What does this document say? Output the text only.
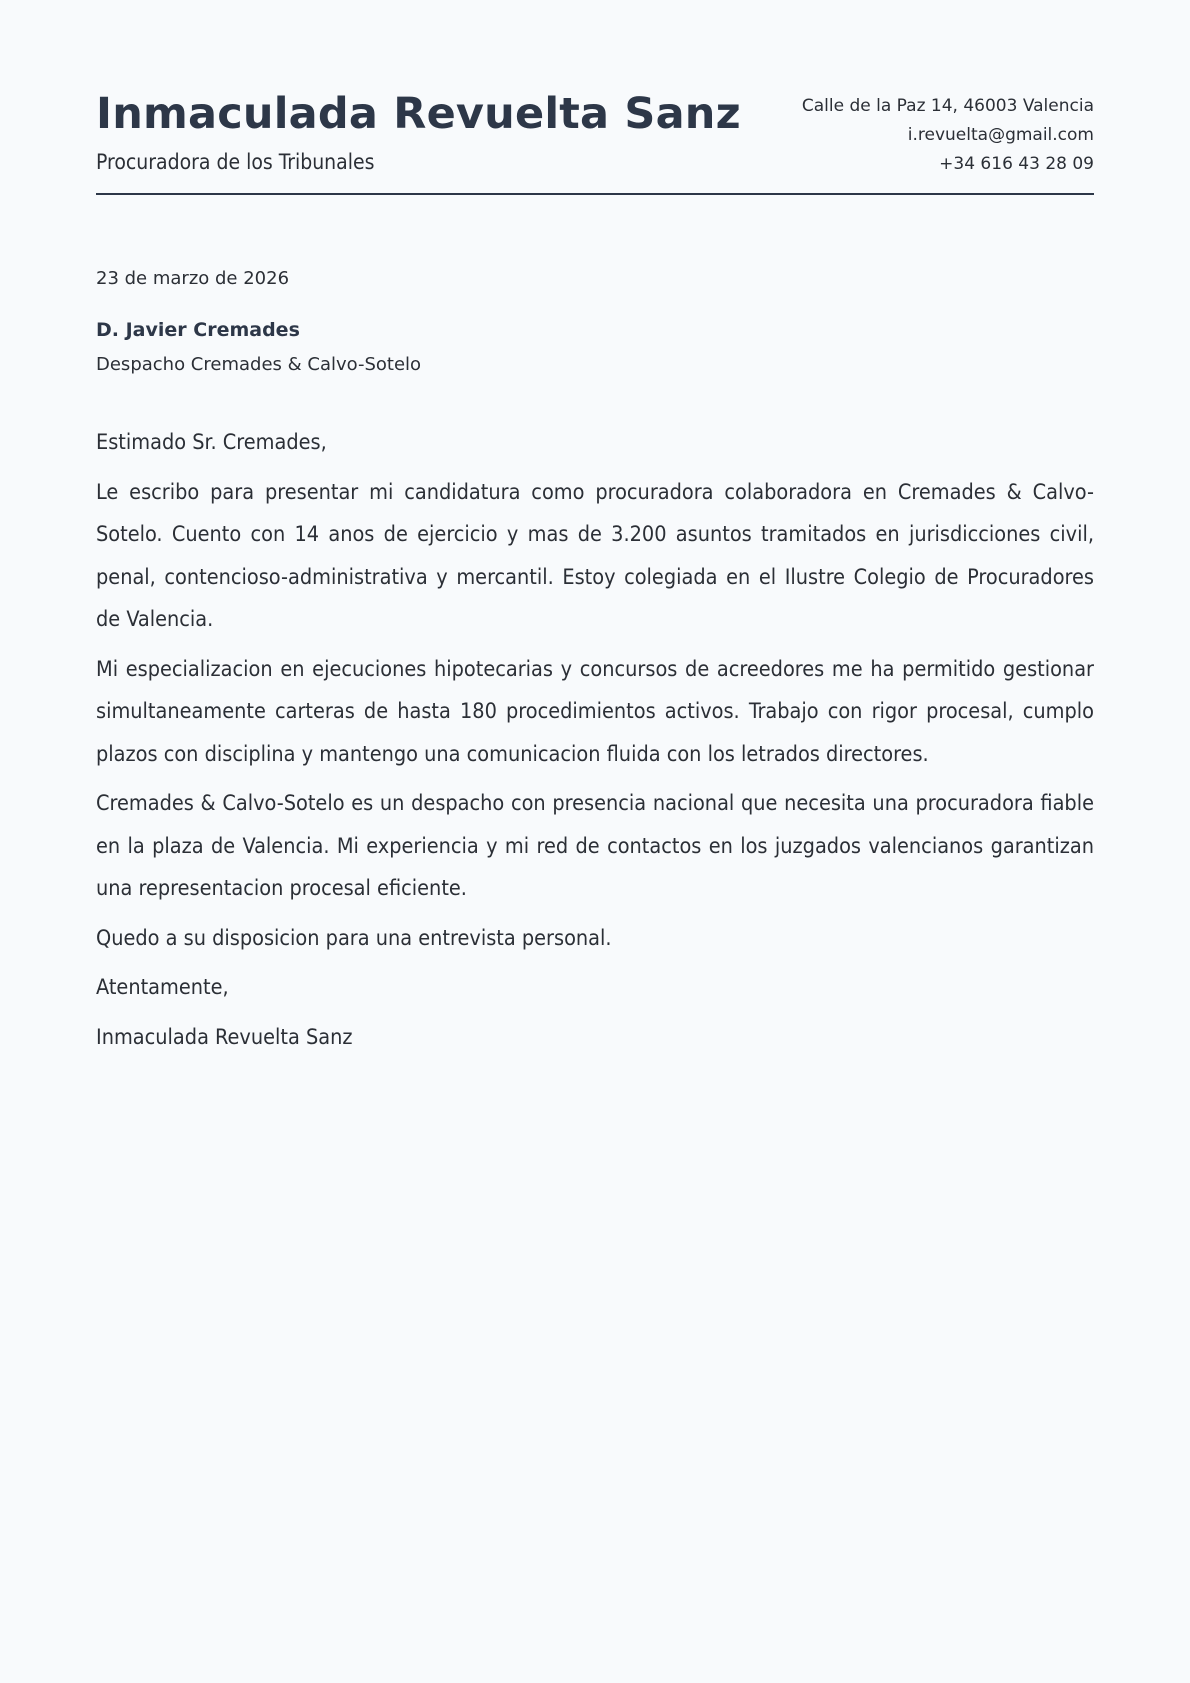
Inmaculada Revuelta Sanz
Procuradora de los Tribunales
Calle de la Paz 14, 46003 Valencia
i.revuelta@gmail.com
+34 616 43 28 09
23 de marzo de 2026
D. Javier Cremades
Despacho Cremades & Calvo-Sotelo

Estimado Sr. Cremades,

Le escribo para presentar mi candidatura como procuradora colaboradora en Cremades & Calvo-Sotelo. Cuento con 14 anos de ejercicio y mas de 3.200 asuntos tramitados en jurisdicciones civil, penal, contencioso-administrativa y mercantil. Estoy colegiada en el Ilustre Colegio de Procuradores de Valencia.

Mi especializacion en ejecuciones hipotecarias y concursos de acreedores me ha permitido gestionar simultaneamente carteras de hasta 180 procedimientos activos. Trabajo con rigor procesal, cumplo plazos con disciplina y mantengo una comunicacion fluida con los letrados directores.

Cremades & Calvo-Sotelo es un despacho con presencia nacional que necesita una procuradora fiable en la plaza de Valencia. Mi experiencia y mi red de contactos en los juzgados valencianos garantizan una representacion procesal eficiente.

Quedo a su disposicion para una entrevista personal.

Atentamente,

Inmaculada Revuelta Sanz
